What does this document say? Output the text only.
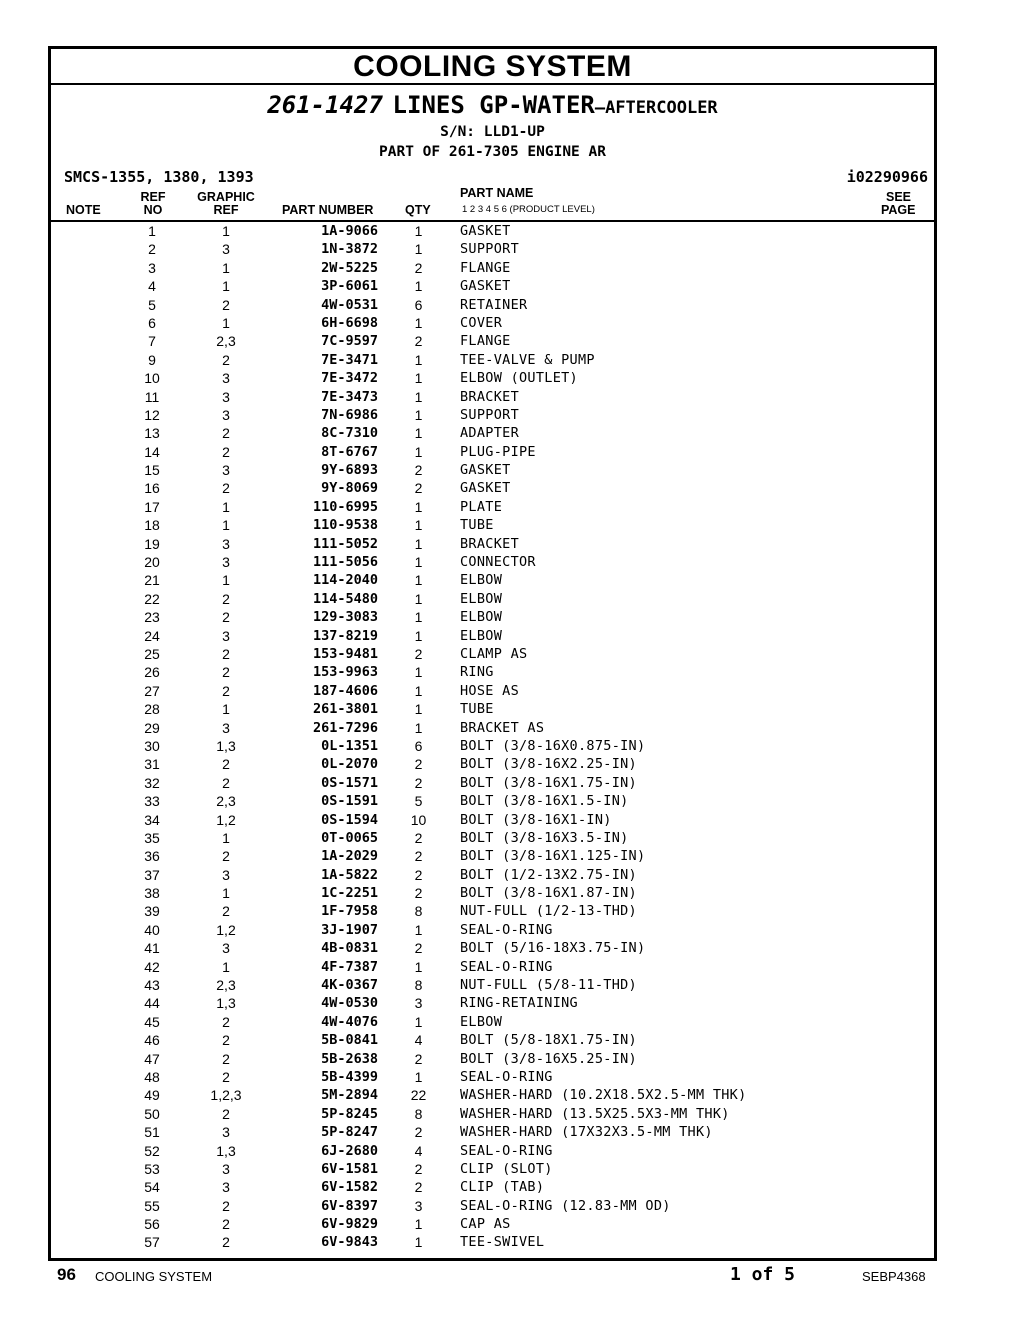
COOLING SYSTEM
261-1427 LINES GP-WATER—AFTERCOOLER
S/N: LLD1-UP
PART OF 261-7305 ENGINE AR
SMCS-1355, 1380, 1393	i02290966
NOTE
REF
NO
GRAPHIC
REF	PART NUMBER	QTY
PART NAME
1 2 3 4 5 6 (PRODUCT LEVEL)
SEE
PAGE
1	1	1A-9066	1	GASKET
2	3	1N-3872	1	SUPPORT
3	1	2W-5225	2	FLANGE
4	1	3P-6061	1	GASKET
5	2	4W-0531	6	RETAINER
6	1	6H-6698	1	COVER
7	2,3	7C-9597	2	FLANGE
9	2	7E-3471	1	TEE-VALVE & PUMP
10	3	7E-3472	1	ELBOW (OUTLET)
11	3	7E-3473	1	BRACKET
12	3	7N-6986	1	SUPPORT
13	2	8C-7310	1	ADAPTER
14	2	8T-6767	1	PLUG-PIPE
15	3	9Y-6893	2	GASKET
16	2	9Y-8069	2	GASKET
17	1	110-6995	1	PLATE
18	1	110-9538	1	TUBE
19	3	111-5052	1	BRACKET
20	3	111-5056	1	CONNECTOR
21	1	114-2040	1	ELBOW
22	2	114-5480	1	ELBOW
23	2	129-3083	1	ELBOW
24	3	137-8219	1	ELBOW
25	2	153-9481	2	CLAMP AS
26	2	153-9963	1	RING
27	2	187-4606	1	HOSE AS
28	1	261-3801	1	TUBE
29	3	261-7296	1	BRACKET AS
30	1,3	0L-1351	6	BOLT (3/8-16X0.875-IN)
31	2	0L-2070	2	BOLT (3/8-16X2.25-IN)
32	2	0S-1571	2	BOLT (3/8-16X1.75-IN)
33	2,3	0S-1591	5	BOLT (3/8-16X1.5-IN)
34	1,2	0S-1594	10	BOLT (3/8-16X1-IN)
35	1	0T-0065	2	BOLT (3/8-16X3.5-IN)
36	2	1A-2029	2	BOLT (3/8-16X1.125-IN)
37	3	1A-5822	2	BOLT (1/2-13X2.75-IN)
38	1	1C-2251	2	BOLT (3/8-16X1.87-IN)
39	2	1F-7958	8	NUT-FULL (1/2-13-THD)
40	1,2	3J-1907	1	SEAL-O-RING
41	3	4B-0831	2	BOLT (5/16-18X3.75-IN)
42	1	4F-7387	1	SEAL-O-RING
43	2,3	4K-0367	8	NUT-FULL (5/8-11-THD)
44	1,3	4W-0530	3	RING-RETAINING
45	2	4W-4076	1	ELBOW
46	2	5B-0841	4	BOLT (5/8-18X1.75-IN)
47	2	5B-2638	2	BOLT (3/8-16X5.25-IN)
48	2	5B-4399	1	SEAL-O-RING
49	1,2,3	5M-2894	22	WASHER-HARD (10.2X18.5X2.5-MM THK)
50	2	5P-8245	8	WASHER-HARD (13.5X25.5X3-MM THK)
51	3	5P-8247	2	WASHER-HARD (17X32X3.5-MM THK)
52	1,3	6J-2680	4	SEAL-O-RING
53	3	6V-1581	2	CLIP (SLOT)
54	3	6V-1582	2	CLIP (TAB)
55	2	6V-8397	3	SEAL-O-RING (12.83-MM OD)
56	2	6V-9829	1	CAP AS
57	2	6V-9843	1	TEE-SWIVEL
96 COOLING SYSTEM	1 of 5	SEBP4368
